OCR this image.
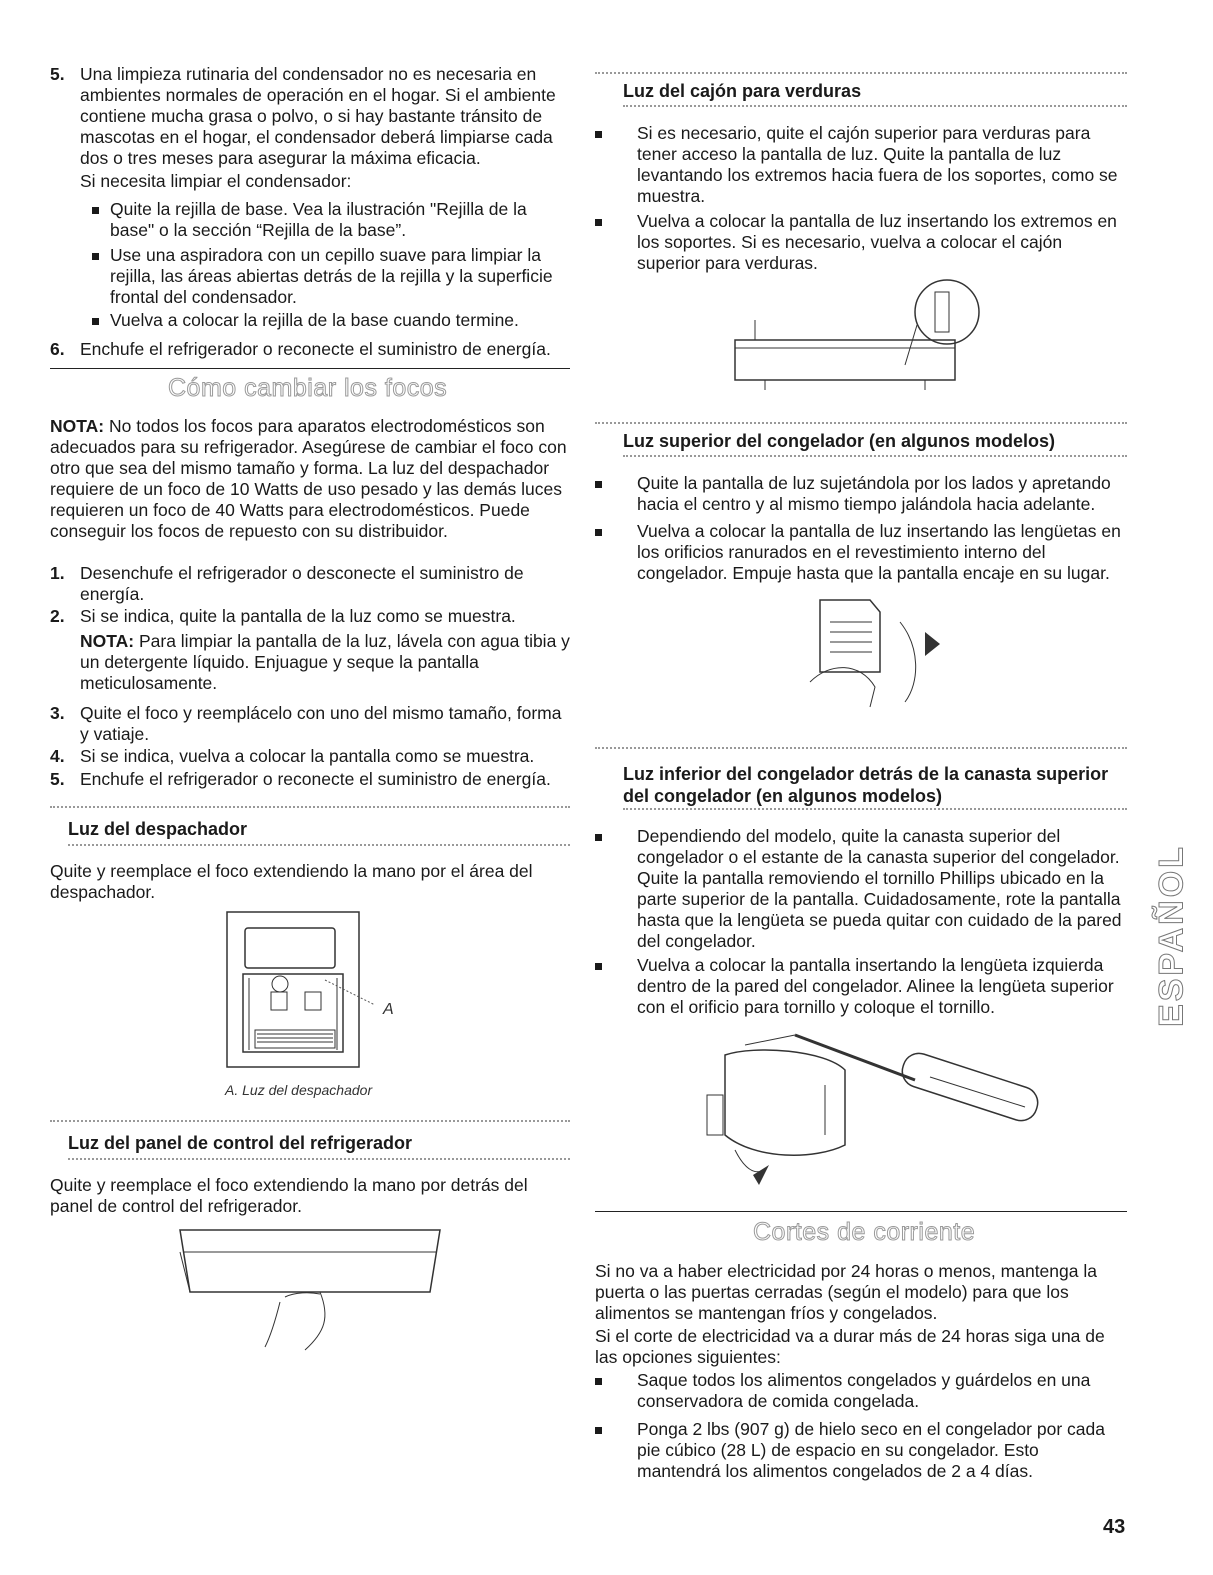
5. Una limpieza rutinaria del condensador no es necesaria en ambientes normales de operación en el hogar. Si el ambiente contiene mucha grasa o polvo, o si hay bastante tránsito de mascotas en el hogar, el condensador deberá limpiarse cada dos o tres meses para asegurar la máxima eficacia.

Si necesita limpiar el condensador:

Quite la rejilla de base. Vea la ilustración "Rejilla de la base" o la sección “Rejilla de la base”.

Use una aspiradora con un cepillo suave para limpiar la rejilla, las áreas abiertas detrás de la rejilla y la superficie frontal del condensador.

Vuelva a colocar la rejilla de la base cuando termine.

6. Enchufe el refrigerador o reconecte el suministro de energía.

Cómo cambiar los focos

NOTA: No todos los focos para aparatos electrodomésticos son adecuados para su refrigerador. Asegúrese de cambiar el foco con otro que sea del mismo tamaño y forma. La luz del despachador requiere de un foco de 10 Watts de uso pesado y las demás luces requieren un foco de 40 Watts para electrodomésticos. Puede conseguir los focos de repuesto con su distribuidor.

1. Desenchufe el refrigerador o desconecte el suministro de energía.

2. Si se indica, quite la pantalla de la luz como se muestra.

NOTA: Para limpiar la pantalla de la luz, lávela con agua tibia y un detergente líquido. Enjuague y seque la pantalla meticulosamente.

3. Quite el foco y reemplácelo con uno del mismo tamaño, forma y vatiaje.

4. Si se indica, vuelva a colocar la pantalla como se muestra.

5. Enchufe el refrigerador o reconecte el suministro de energía.

Luz del despachador

Quite y reemplace el foco extendiendo la mano por el área del despachador.

A
A. Luz del despachador
Luz del panel de control del refrigerador

Quite y reemplace el foco extendiendo la mano por detrás del panel de control del refrigerador.

Luz del cajón para verduras

Si es necesario, quite el cajón superior para verduras para tener acceso la pantalla de luz. Quite la pantalla de luz levantando los extremos hacia fuera de los soportes, como se muestra.

Vuelva a colocar la pantalla de luz insertando los extremos en los soportes. Si es necesario, vuelva a colocar el cajón superior para verduras.

Luz superior del congelador (en algunos modelos)

Quite la pantalla de luz sujetándola por los lados y apretando hacia el centro y al mismo tiempo jalándola hacia adelante.

Vuelva a colocar la pantalla de luz insertando las lengüetas en los orificios ranurados en el revestimiento interno del congelador. Empuje hasta que la pantalla encaje en su lugar.

Luz inferior del congelador detrás de la canasta superior del congelador (en algunos modelos)

Dependiendo del modelo, quite la canasta superior del congelador o el estante de la canasta superior del congelador. Quite la pantalla removiendo el tornillo Phillips ubicado en la parte superior de la pantalla. Cuidadosamente, rote la pantalla hasta que la lengüeta se pueda quitar con cuidado de la pared del congelador.

Vuelva a colocar la pantalla insertando la lengüeta izquierda dentro de la pared del congelador. Alinee la lengüeta superior con el orificio para tornillo y coloque el tornillo.

Cortes de corriente

Si no va a haber electricidad por 24 horas o menos, mantenga la puerta o las puertas cerradas (según el modelo) para que los alimentos se mantengan fríos y congelados.

Si el corte de electricidad va a durar más de 24 horas siga una de las opciones siguientes:

Saque todos los alimentos congelados y guárdelos en una conservadora de comida congelada.

Ponga 2 lbs (907 g) de hielo seco en el congelador por cada pie cúbico (28 L) de espacio en su congelador. Esto mantendrá los alimentos congelados de 2 a 4 días.

43
ESPAÑOL
